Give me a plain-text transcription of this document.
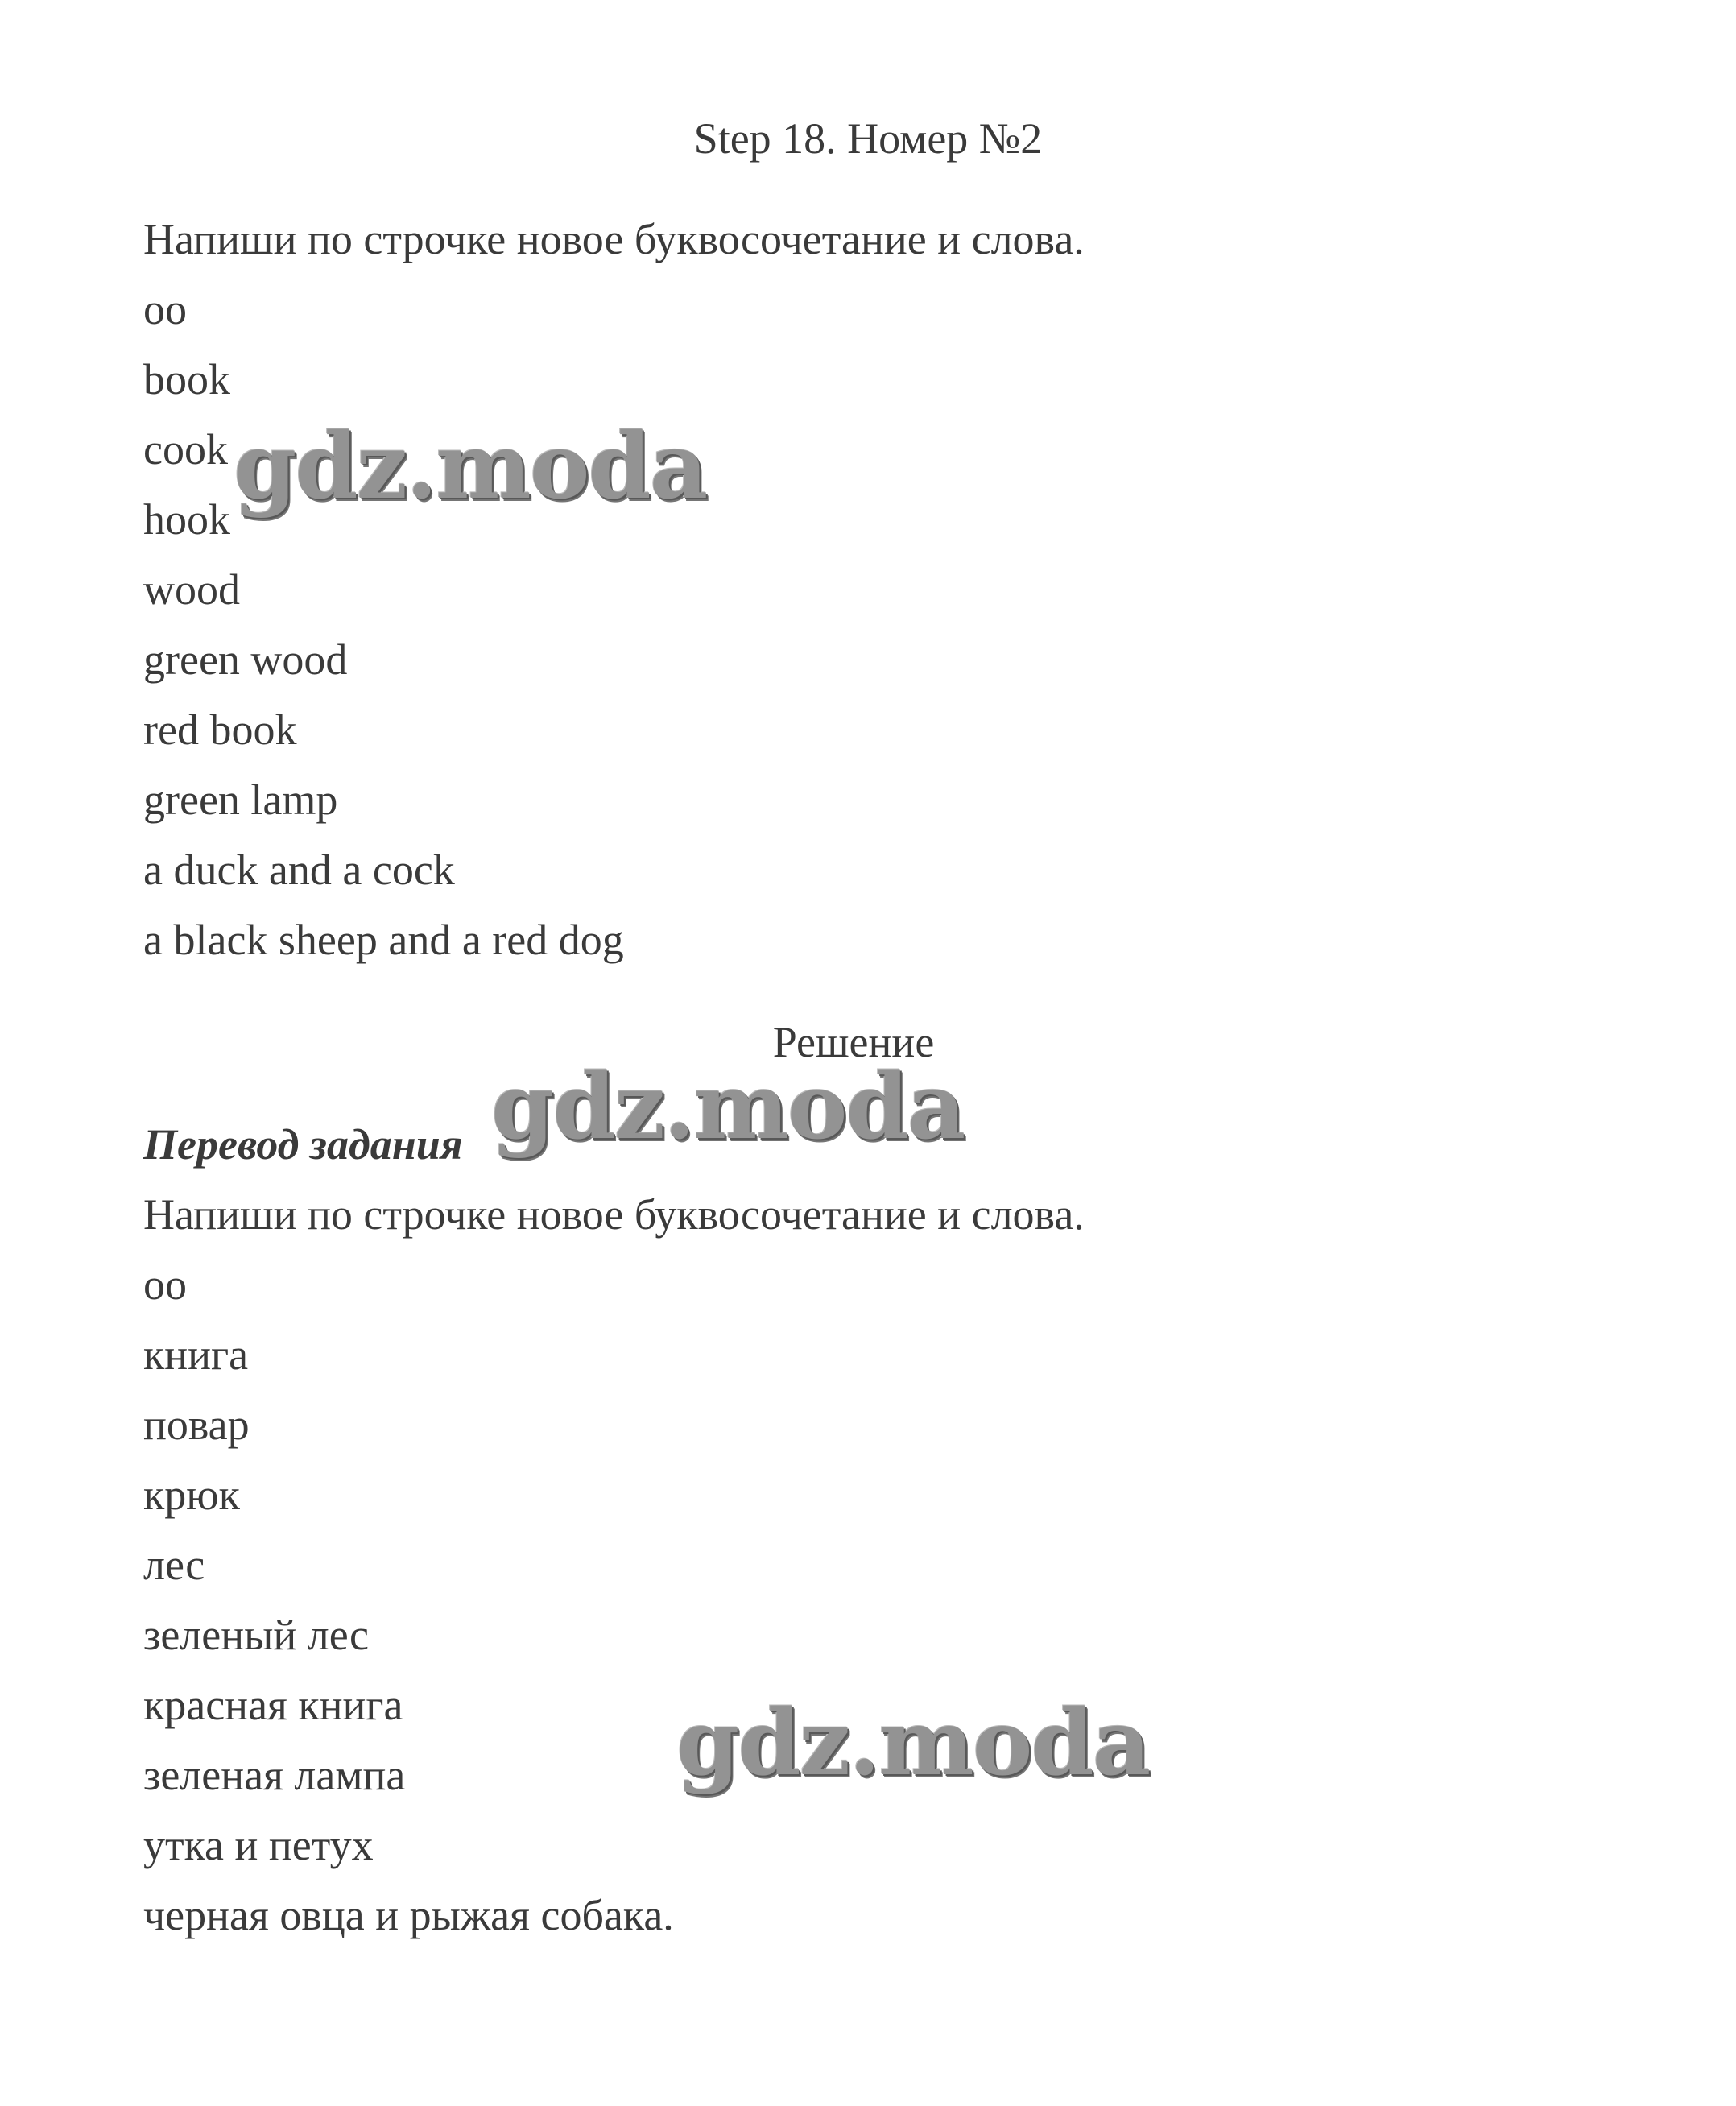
Step 18. Номер №2
Напиши по строчке новое буквосочетание и слова.
oo
book
cook
hook
wood
green wood
red book
green lamp
a duck and a cock
a black sheep and a red dog
Решение
Перевод задания
Напиши по строчке новое буквосочетание и слова.
oo
книга
повар
крюк
лес
зеленый лес
красная книга
зеленая лампа
утка и петух
черная овца и рыжая собака.
gdz.moda
gdz.moda
gdz.moda
